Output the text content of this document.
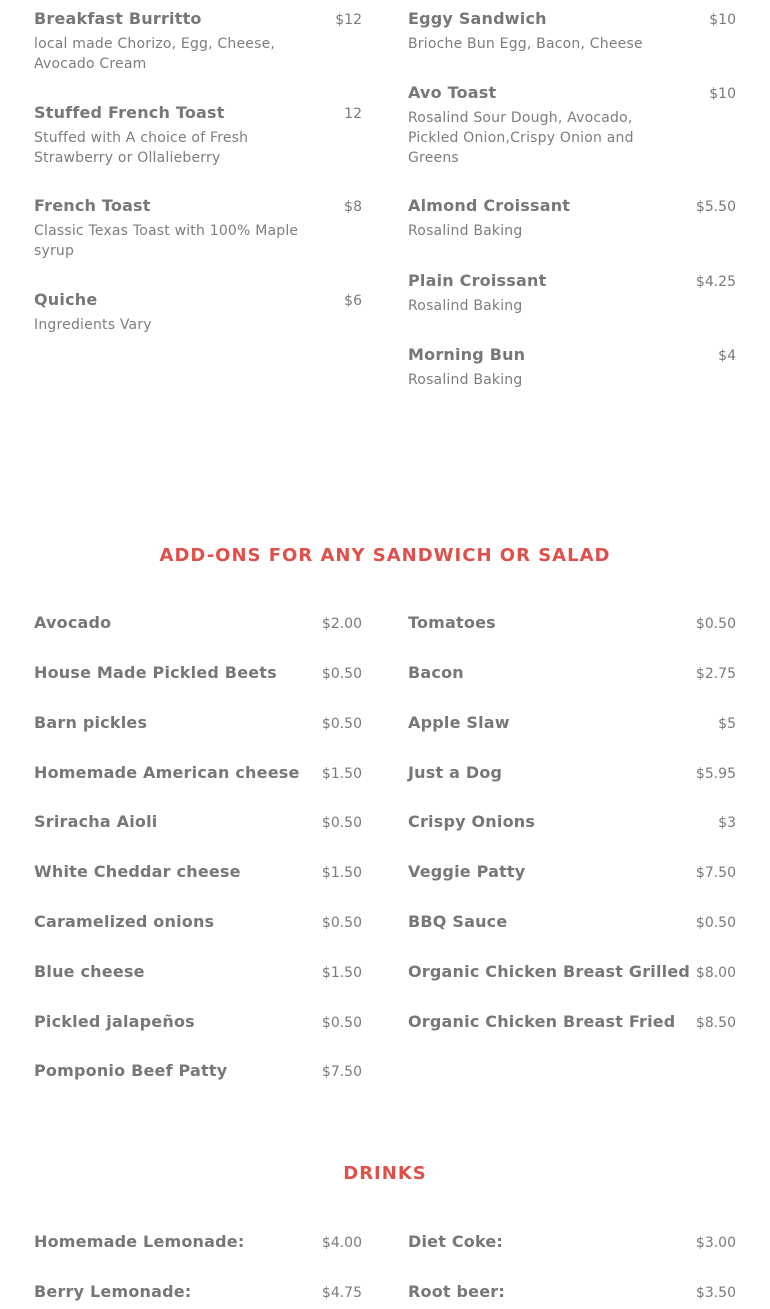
Breakfast Burritto	$12
local made Chorizo, Egg, Cheese, Avocado Cream
Stuffed French Toast	12
Stuffed with A choice of Fresh Strawberry or Ollalieberry
French Toast	$8
Classic Texas Toast with 100% Maple syrup
Quiche	$6
Ingredients Vary
Eggy Sandwich	$10
Brioche Bun Egg, Bacon, Cheese
Avo Toast	$10
Rosalind Sour Dough, Avocado, Pickled Onion,Crispy Onion and Greens
Almond Croissant	$5.50
Rosalind Baking
Plain Croissant	$4.25
Rosalind Baking
Morning Bun	$4
Rosalind Baking
ADD-ONS FOR ANY SANDWICH OR SALAD
Avocado	$2.00
House Made Pickled Beets	$0.50
Barn pickles	$0.50
Homemade American cheese $1.50
Sriracha Aioli	$0.50
White Cheddar cheese	$1.50
Caramelized onions	$0.50
Blue cheese	$1.50
Pickled jalapeños	$0.50
Pomponio Beef Patty	$7.50
Tomatoes	$0.50
Bacon	$2.75
Apple Slaw	$5
Just a Dog	$5.95
Crispy Onions	$3
Veggie Patty	$7.50
BBQ Sauce	$0.50
Organic Chicken Breast Grilled $8.00
Organic Chicken Breast Fried $8.50
DRINKS
Homemade Lemonade:	$4.00
Berry Lemonade:	$4.75
Diet Coke:	$3.00
Root beer:	$3.50
